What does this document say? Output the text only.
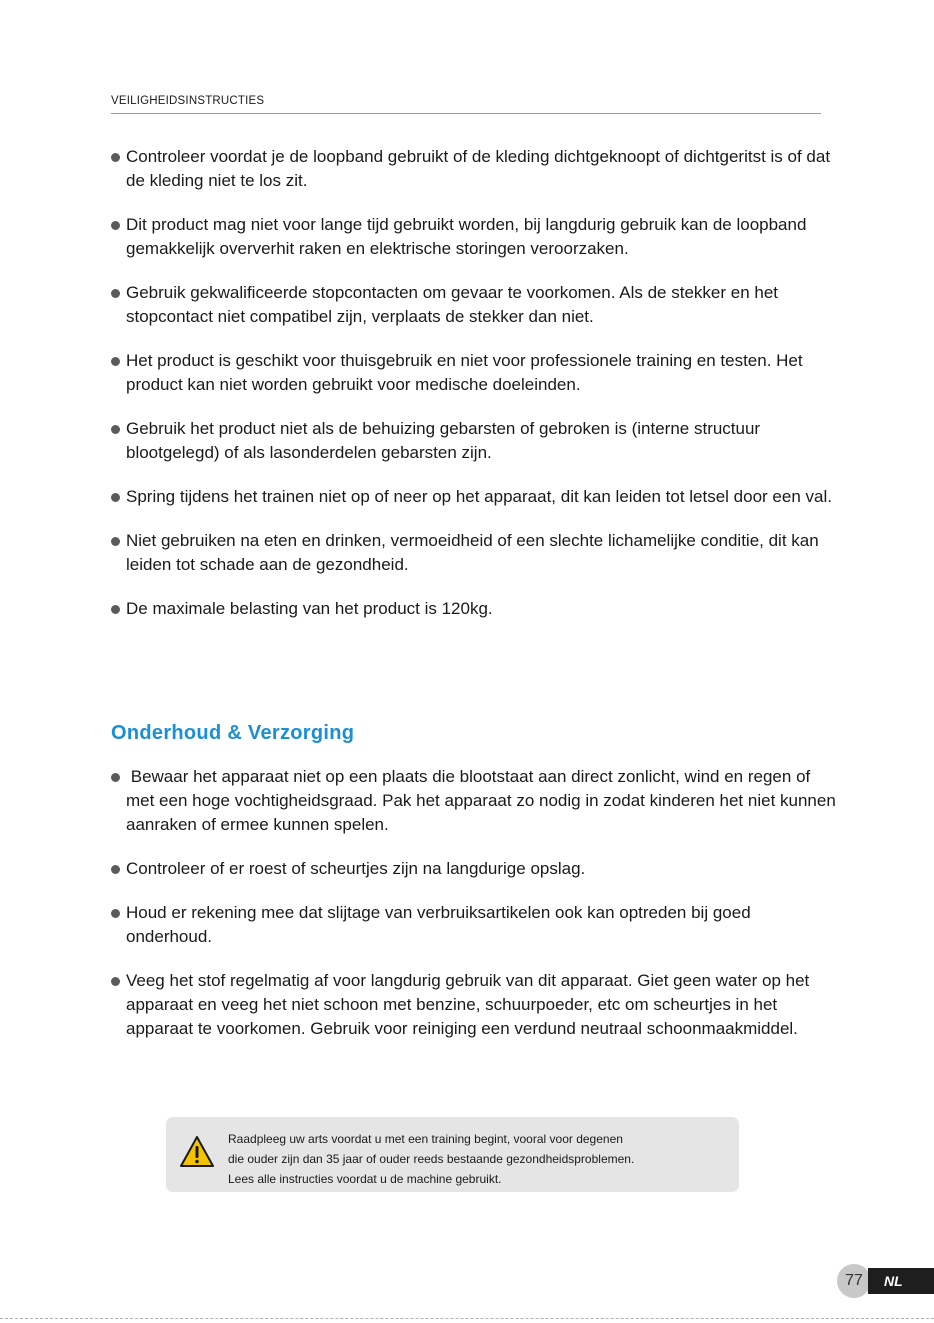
VEILIGHEIDSINSTRUCTIES
Controleer voordat je de loopband gebruikt of de kleding dichtgeknoopt of dichtgeritst is of dat de kleding niet te los zit.
Dit product mag niet voor lange tijd gebruikt worden, bij langdurig gebruik kan de loopband gemakkelijk oververhit raken en elektrische storingen veroorzaken.
Gebruik gekwalificeerde stopcontacten om gevaar te voorkomen. Als de stekker en het stopcontact niet compatibel zijn, verplaats de stekker dan niet.
Het product is geschikt voor thuisgebruik en niet voor professionele training en testen. Het product kan niet worden gebruikt voor medische doeleinden.
Gebruik het product niet als de behuizing gebarsten of gebroken is (interne structuur blootgelegd) of als lasonderdelen gebarsten zijn.
Spring tijdens het trainen niet op of neer op het apparaat, dit kan leiden tot letsel door een val.
Niet gebruiken na eten en drinken, vermoeidheid of een slechte lichamelijke conditie, dit kan leiden tot schade aan de gezondheid.
De maximale belasting van het product is 120kg.
Onderhoud & Verzorging
Bewaar het apparaat niet op een plaats die blootstaat aan direct zonlicht, wind en regen of met een hoge vochtigheidsgraad. Pak het apparaat zo nodig in zodat kinderen het niet kunnen aanraken of ermee kunnen spelen.
Controleer of er roest of scheurtjes zijn na langdurige opslag.
Houd er rekening mee dat slijtage van verbruiksartikelen ook kan optreden bij goed onderhoud.
Veeg het stof regelmatig af voor langdurig gebruik van dit apparaat. Giet geen water op het apparaat en veeg het niet schoon met benzine, schuurpoeder, etc om scheurtjes in het apparaat te voorkomen. Gebruik voor reiniging een verdund neutraal schoonmaakmiddel.
Raadpleeg uw arts voordat u met een training begint, vooral voor degenen
die ouder zijn dan 35 jaar of ouder reeds bestaande gezondheidsproblemen.
Lees alle instructies voordat u de machine gebruikt.
77	NL
